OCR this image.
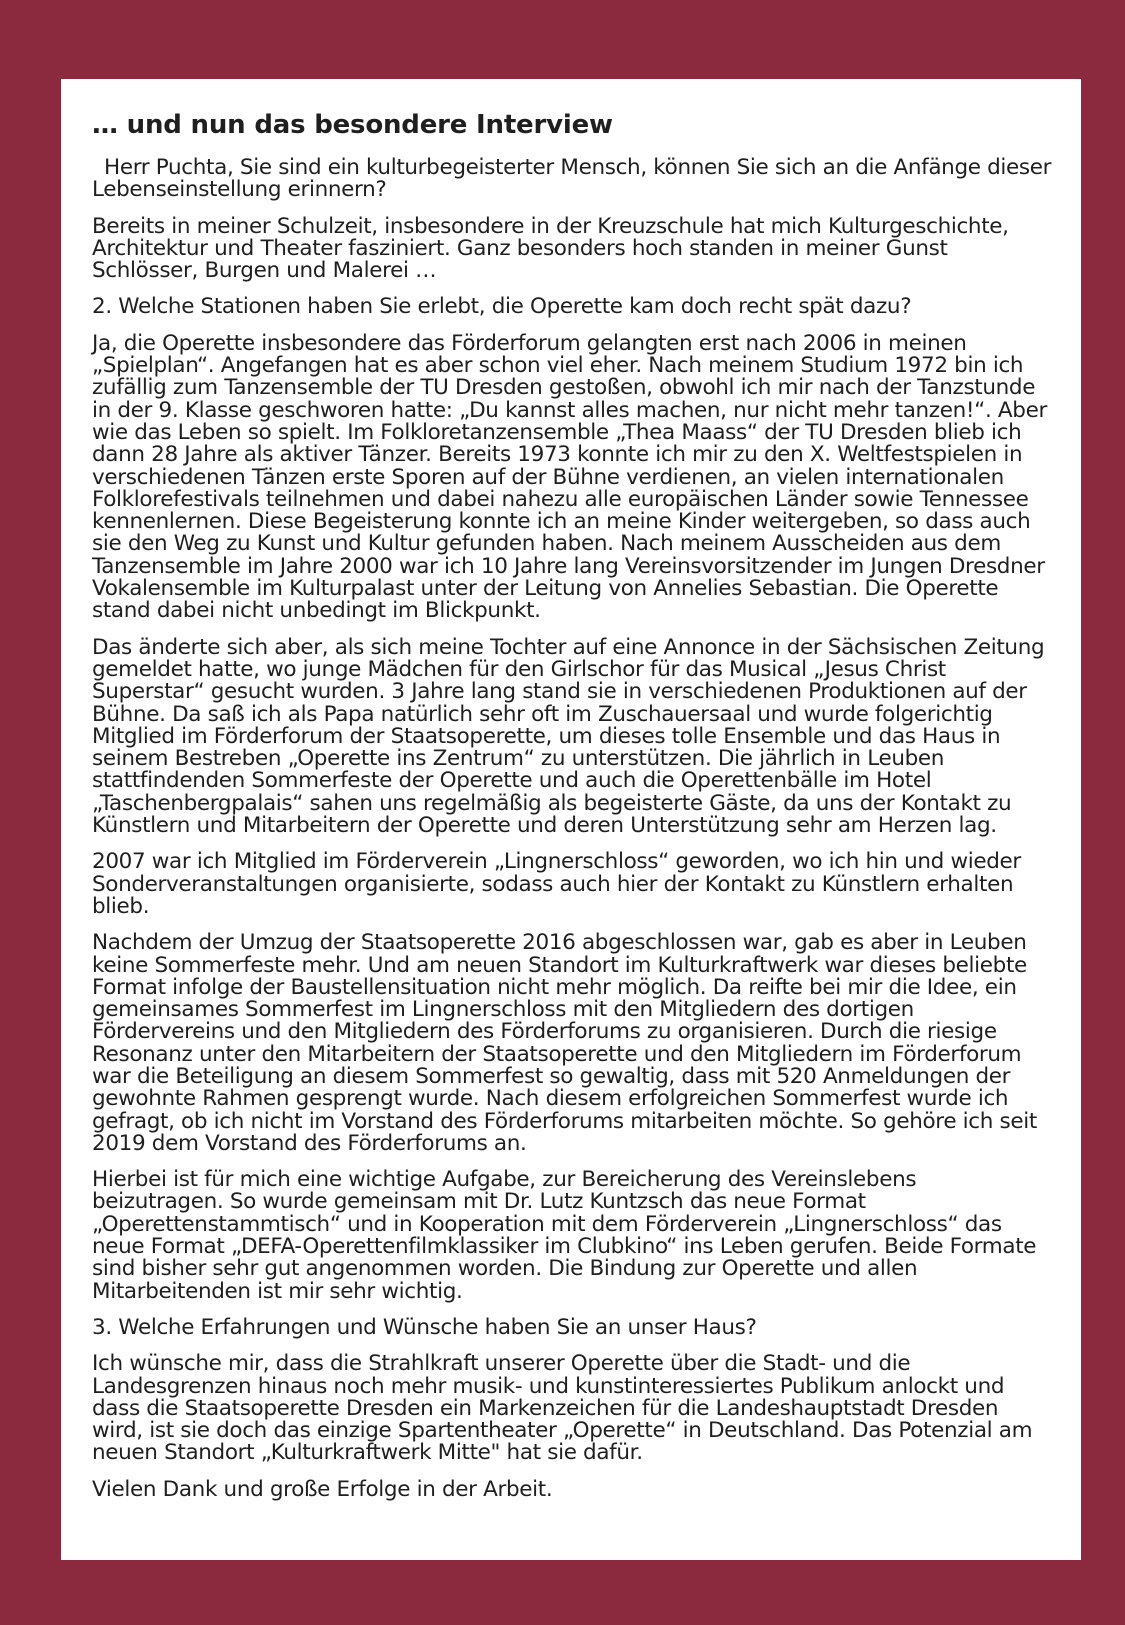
… und nun das besondere Interview

Herr Puchta, Sie sind ein kulturbegeisterter Mensch, können Sie sich an die Anfänge dieser Lebenseinstellung erinnern?

Bereits in meiner Schulzeit, insbesondere in der Kreuzschule hat mich Kulturgeschichte, Architektur und Theater fasziniert. Ganz besonders hoch standen in meiner Gunst Schlösser, Burgen und Malerei …

2. Welche Stationen haben Sie erlebt, die Operette kam doch recht spät dazu?

Ja, die Operette insbesondere das Förderforum gelangten erst nach 2006 in meinen „Spielplan“. Angefangen hat es aber schon viel eher. Nach meinem Studium 1972 bin ich zufällig zum Tanzensemble der TU Dresden gestoßen, obwohl ich mir nach der Tanzstunde in der 9. Klasse geschworen hatte: „Du kannst alles machen, nur nicht mehr tanzen!“. Aber wie das Leben so spielt. Im Folkloretanzensemble „Thea Maass“ der TU Dresden blieb ich dann 28 Jahre als aktiver Tänzer. Bereits 1973 konnte ich mir zu den X. Weltfestspielen in verschiedenen Tänzen erste Sporen auf der Bühne verdienen, an vielen internationalen Folklorefestivals teilnehmen und dabei nahezu alle europäischen Länder sowie Tennessee kennenlernen. Diese Begeisterung konnte ich an meine Kinder weitergeben, so dass auch sie den Weg zu Kunst und Kultur gefunden haben. Nach meinem Ausscheiden aus dem Tanzensemble im Jahre 2000 war ich 10 Jahre lang Vereinsvorsitzender im Jungen Dresdner Vokalensemble im Kulturpalast unter der Leitung von Annelies Sebastian. Die Operette stand dabei nicht unbedingt im Blickpunkt.

Das änderte sich aber, als sich meine Tochter auf eine Annonce in der Sächsischen Zeitung gemeldet hatte, wo junge Mädchen für den Girlschor für das Musical „Jesus Christ Superstar“ gesucht wurden. 3 Jahre lang stand sie in verschiedenen Produktionen auf der Bühne. Da saß ich als Papa natürlich sehr oft im Zuschauersaal und wurde folgerichtig Mitglied im Förderforum der Staatsoperette, um dieses tolle Ensemble und das Haus in seinem Bestreben „Operette ins Zentrum“ zu unterstützen. Die jährlich in Leuben stattfindenden Sommerfeste der Operette und auch die Operettenbälle im Hotel „Taschenbergpalais“ sahen uns regelmäßig als begeisterte Gäste, da uns der Kontakt zu Künstlern und Mitarbeitern der Operette und deren Unterstützung sehr am Herzen lag.

2007 war ich Mitglied im Förderverein „Lingnerschloss“ geworden, wo ich hin und wieder Sonderveranstaltungen organisierte, sodass auch hier der Kontakt zu Künstlern erhalten blieb.

Nachdem der Umzug der Staatsoperette 2016 abgeschlossen war, gab es aber in Leuben keine Sommerfeste mehr. Und am neuen Standort im Kulturkraftwerk war dieses beliebte Format infolge der Baustellensituation nicht mehr möglich. Da reifte bei mir die Idee, ein gemeinsames Sommerfest im Lingnerschloss mit den Mitgliedern des dortigen Fördervereins und den Mitgliedern des Förderforums zu organisieren. Durch die riesige Resonanz unter den Mitarbeitern der Staatsoperette und den Mitgliedern im Förderforum war die Beteiligung an diesem Sommerfest so gewaltig, dass mit 520 Anmeldungen der gewohnte Rahmen gesprengt wurde. Nach diesem erfolgreichen Sommerfest wurde ich gefragt, ob ich nicht im Vorstand des Förderforums mitarbeiten möchte. So gehöre ich seit 2019 dem Vorstand des Förderforums an.

Hierbei ist für mich eine wichtige Aufgabe, zur Bereicherung des Vereinslebens beizutragen. So wurde gemeinsam mit Dr. Lutz Kuntzsch das neue Format „Operettenstammtisch“ und in Kooperation mit dem Förderverein „Lingnerschloss“ das neue Format „DEFA-Operettenfilmklassiker im Clubkino“ ins Leben gerufen. Beide Formate sind bisher sehr gut angenommen worden. Die Bindung zur Operette und allen Mitarbeitenden ist mir sehr wichtig.

3. Welche Erfahrungen und Wünsche haben Sie an unser Haus?

Ich wünsche mir, dass die Strahlkraft unserer Operette über die Stadt- und die Landesgrenzen hinaus noch mehr musik- und kunstinteressiertes Publikum anlockt und dass die Staatsoperette Dresden ein Markenzeichen für die Landeshauptstadt Dresden wird, ist sie doch das einzige Spartentheater „Operette“ in Deutschland. Das Potenzial am neuen Standort „Kulturkraftwerk Mitte" hat sie dafür.

Vielen Dank und große Erfolge in der Arbeit.
